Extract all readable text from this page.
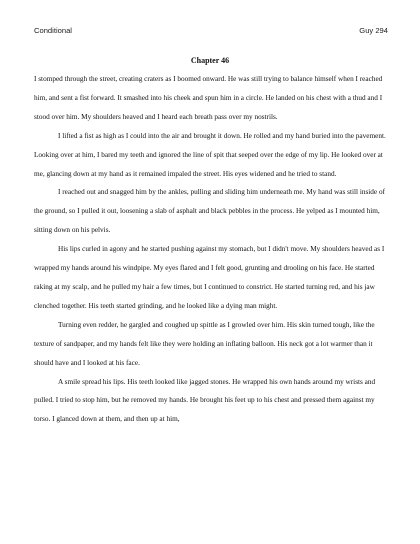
Conditional	Guy 294
Chapter 46

I stomped through the street, creating craters as I boomed onward. He was still trying to balance himself when I reached him, and sent a fist forward. It smashed into his cheek and spun him in a circle. He landed on his chest with a thud and I stood over him. My shoulders heaved and I heard each breath pass over my nostrils.

I lifted a fist as high as I could into the air and brought it down. He rolled and my hand buried into the pavement. Looking over at him, I bared my teeth and ignored the line of spit that seeped over the edge of my lip. He looked over at me, glancing down at my hand as it remained impaled the street. His eyes widened and he tried to stand.

I reached out and snagged him by the ankles, pulling and sliding him underneath me. My hand was still inside of the ground, so I pulled it out, loosening a slab of asphalt and black pebbles in the process. He yelped as I mounted him, sitting down on his pelvis.

His lips curled in agony and he started pushing against my stomach, but I didn't move. My shoulders heaved as I wrapped my hands around his windpipe. My eyes flared and I felt good, grunting and drooling on his face. He started raking at my scalp, and he pulled my hair a few times, but I continued to constrict. He started turning red, and his jaw clenched together. His teeth started grinding, and he looked like a dying man might.

Turning even redder, he gargled and coughed up spittle as I growled over him. His skin turned tough, like the texture of sandpaper, and my hands felt like they were holding an inflating balloon. His neck got a lot warmer than it should have and I looked at his face.

A smile spread his lips. His teeth looked like jagged stones. He wrapped his own hands around my wrists and pulled. I tried to stop him, but he removed my hands. He brought his feet up to his chest and pressed them against my torso. I glanced down at them, and then up at him,
